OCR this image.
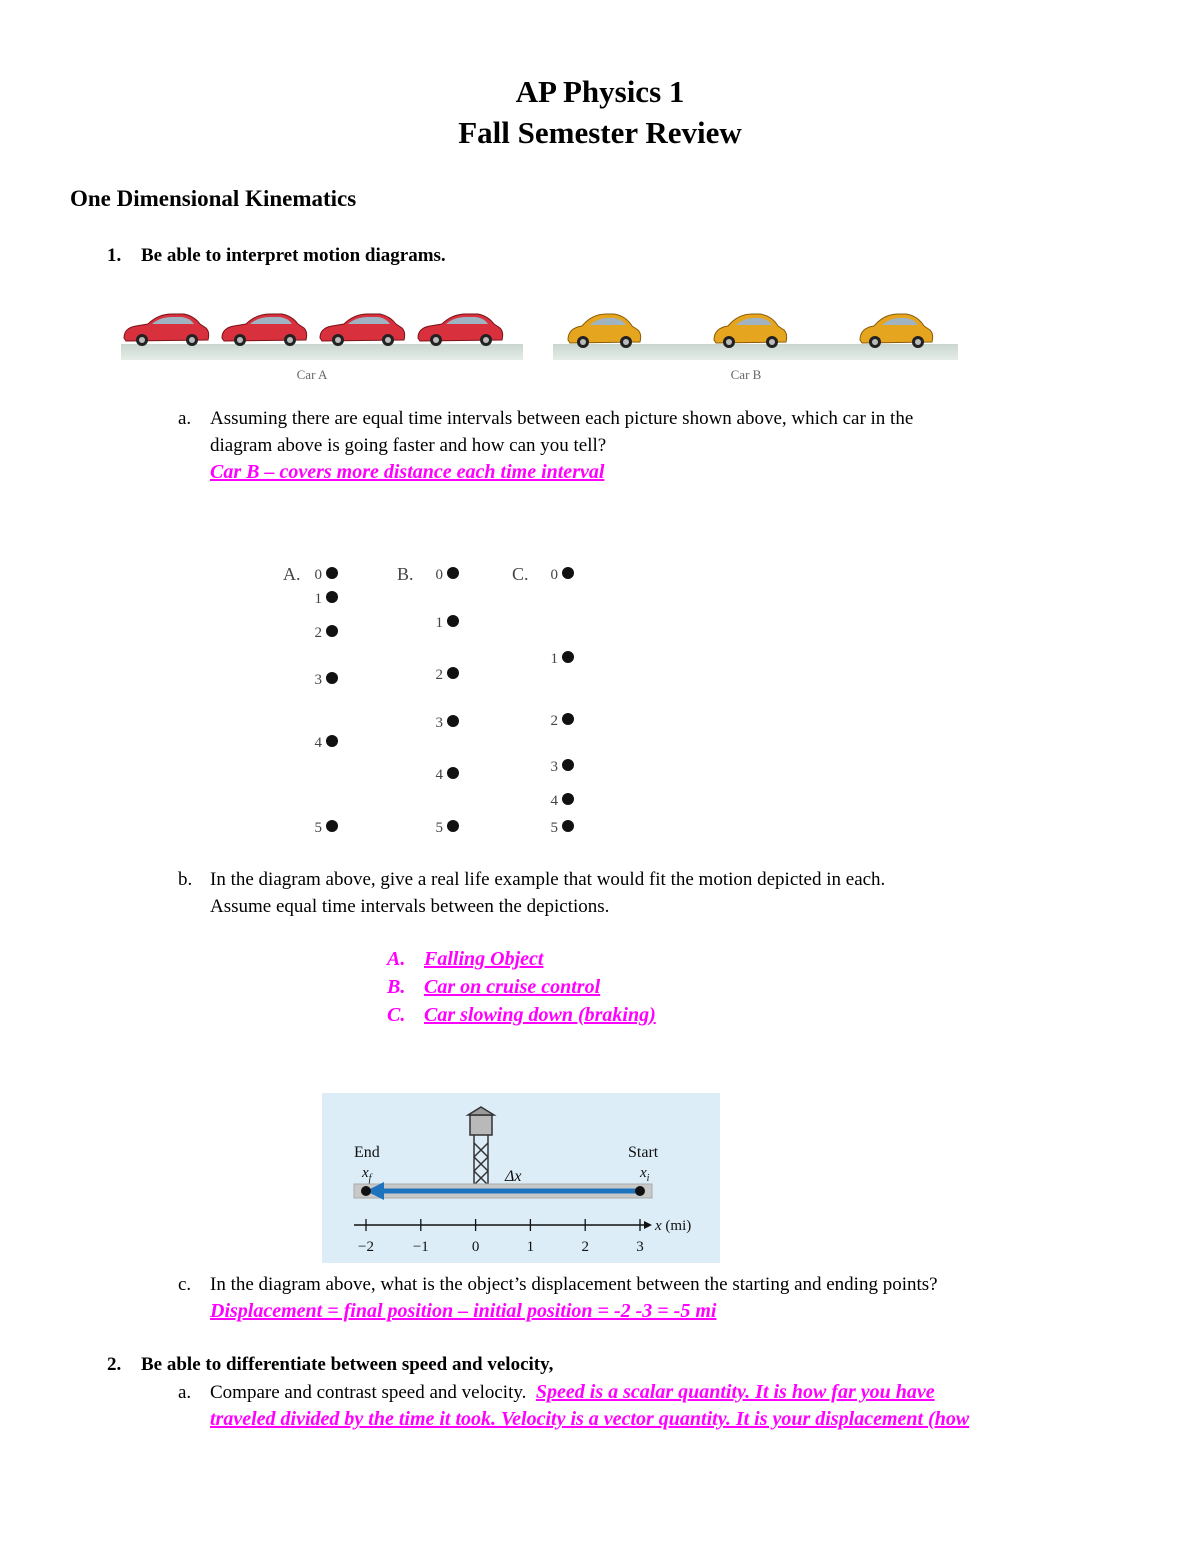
AP Physics 1
Fall Semester Review
One Dimensional Kinematics
1. Be able to interpret motion diagrams.
Car A	Car B
a. Assuming there are equal time intervals between each picture shown above, which car in the
diagram above is going faster and how can you tell?
Car B – covers more distance each time interval
A.	B.	C.
0
1
2
3
4
5
0
1
2
3
4
5
0
1
2
3
4
5
b. In the diagram above, give a real life example that would fit the motion depicted in each.
Assume equal time intervals between the depictions.
A. Falling Object
B. Car on cruise control
C. Car slowing down (braking)
End	Start
$x_f$	$x_i$
Δx
x (mi)
−2	−1	0	1	2	3
c. In the diagram above, what is the object’s displacement between the starting and ending points?
Displacement = final position – initial position = -2 -3 = -5 mi
2. Be able to differentiate between speed and velocity,
a. Compare and contrast speed and velocity. Speed is a scalar quantity. It is how far you have
traveled divided by the time it took. Velocity is a vector quantity. It is your displacement (how
